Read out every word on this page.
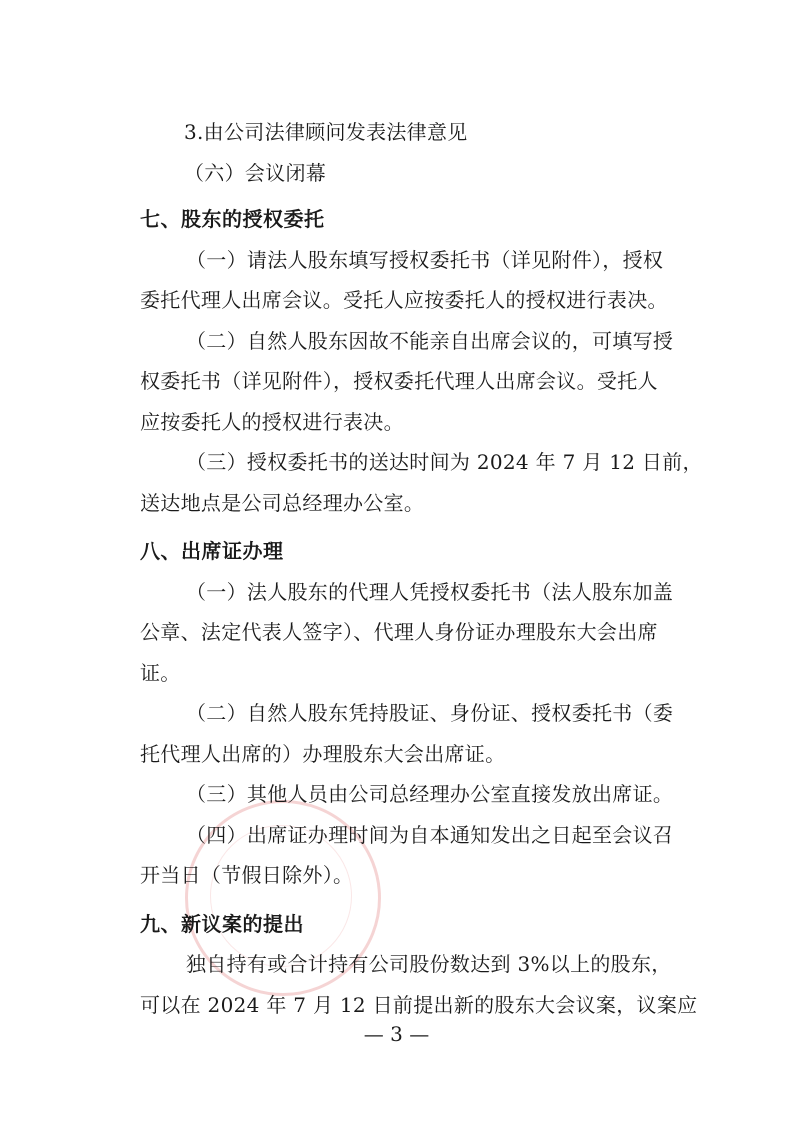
3.由公司法律顾问发表法律意见
（六）会议闭幕
七、股东的授权委托
（一）请法人股东填写授权委托书（详见附件），授权
委托代理人出席会议。受托人应按委托人的授权进行表决。
（二）自然人股东因故不能亲自出席会议的，可填写授
权委托书（详见附件），授权委托代理人出席会议。受托人
应按委托人的授权进行表决。
（三）授权委托书的送达时间为 2024 年 7 月 12 日前，
送达地点是公司总经理办公室。
八、出席证办理
（一）法人股东的代理人凭授权委托书（法人股东加盖
公章、法定代表人签字）、代理人身份证办理股东大会出席
证。
（二）自然人股东凭持股证、身份证、授权委托书（委
托代理人出席的）办理股东大会出席证。
（三）其他人员由公司总经理办公室直接发放出席证。
（四）出席证办理时间为自本通知发出之日起至会议召
开当日（节假日除外）。
九、新议案的提出
独自持有或合计持有公司股份数达到 3%以上的股东，
可以在 2024 年 7 月 12 日前提出新的股东大会议案，议案应
— 3 —
